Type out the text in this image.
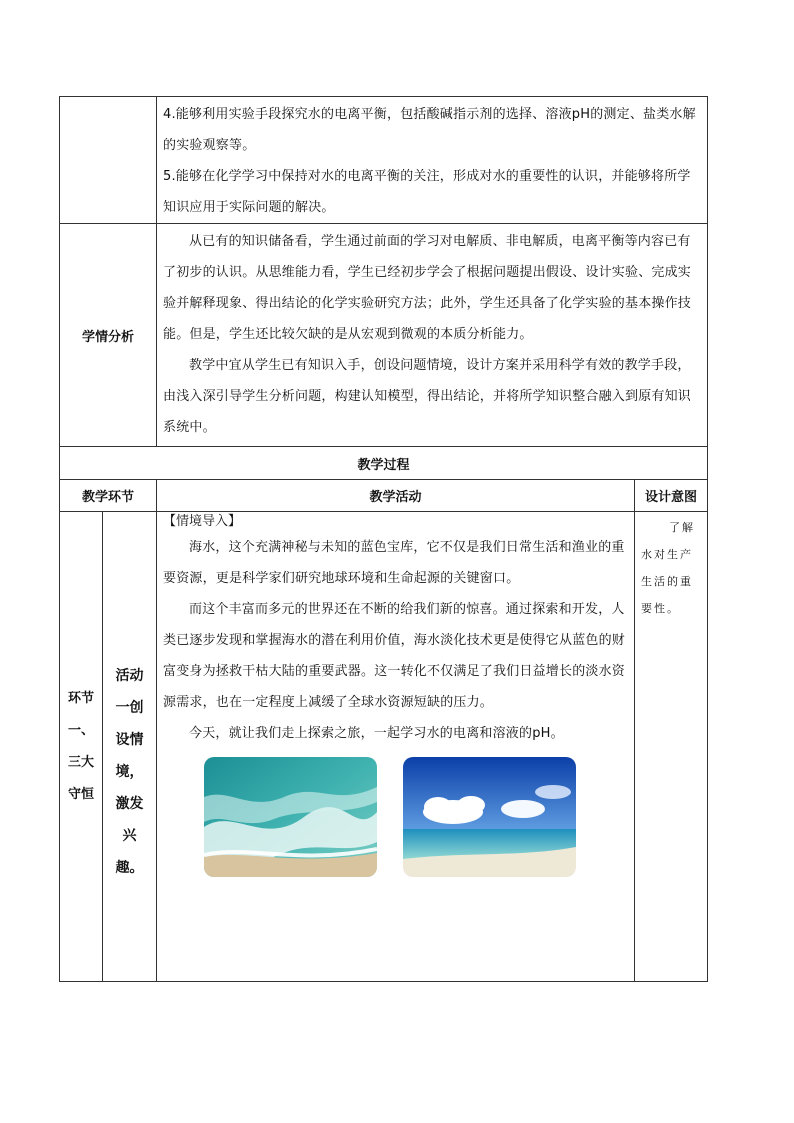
		4.能够利用实验手段探究水的电离平衡，包括酸碱指示剂的选择、溶液pH的测定、盐类水解的实验观察等。

5.能够在化学学习中保持对水的电离平衡的关注，形成对水的重要性的认识，并能够将所学知识应用于实际问题的解决。	

学情分析		从已有的知识储备看，学生通过前面的学习对电解质、非电解质，电离平衡等内容已有了初步的认识。从思维能力看，学生已经初步学会了根据问题提出假设、设计实验、完成实验并解释现象、得出结论的化学实验研究方法；此外，学生还具备了化学实验的基本操作技能。但是，学生还比较欠缺的是从宏观到微观的本质分析能力。

教学中宜从学生已有知识入手，创设问题情境，设计方案并采用科学有效的教学手段，由浅入深引导学生分析问题，构建认知模型，得出结论，并将所学知识整合融入到原有知识系统中。	

教学过程			
教学环节		教学活动	设计意图
环节一、三大守恒	活动一创设情境，激发兴趣。	【情境导入】

海水，这个充满神秘与未知的蓝色宝库，它不仅是我们日常生活和渔业的重要资源，更是科学家们研究地球环境和生命起源的关键窗口。

而这个丰富而多元的世界还在不断的给我们新的惊喜。通过探索和开发，人类已逐步发现和掌握海水的潜在利用价值，海水淡化技术更是使得它从蓝色的财富变身为拯救干枯大陆的重要武器。这一转化不仅满足了我们日益增长的淡水资源需求，也在一定程度上减缓了全球水资源短缺的压力。

今天，就让我们走上探索之旅，一起学习水的电离和溶液的pH。	了解水对生产生活的重要性。
